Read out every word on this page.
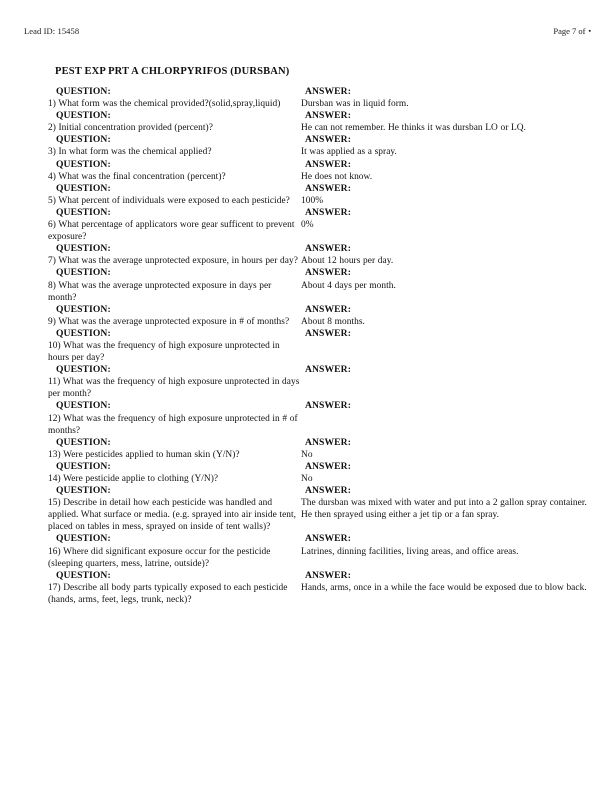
Lead ID: 15458	Page 7 of ▪
PEST EXP PRT A CHLORPYRIFOS (DURSBAN)
QUESTION:
1) What form was the chemical provided?(solid,spray,liquid)
ANSWER:
Dursban was in liquid form.
QUESTION:
2) Initial concentration provided (percent)?
ANSWER:
He can not remember. He thinks it was dursban LO or LQ.
QUESTION:
3) In what form was the chemical applied?
ANSWER:
It was applied as a spray.
QUESTION:
4) What was the final concentration (percent)?
ANSWER:
He does not know.
QUESTION:
5) What percent of individuals were exposed to each pesticide?
ANSWER:
100%
QUESTION:
6) What percentage of applicators wore gear sufficent to prevent exposure?
ANSWER:
0%
QUESTION:
7) What was the average unprotected exposure, in hours per day?
ANSWER:
About 12 hours per day.
QUESTION:
8) What was the average unprotected exposure in days per month?
ANSWER:
About 4 days per month.
QUESTION:
9) What was the average unprotected exposure in # of months?
ANSWER:
About 8 months.
QUESTION:
10) What was the frequency of high exposure unprotected in hours per day?
ANSWER:

QUESTION:
11) What was the frequency of high exposure unprotected in days per month?
ANSWER:

QUESTION:
12) What was the frequency of high exposure unprotected in # of months?
ANSWER:

QUESTION:
13) Were pesticides applied to human skin (Y/N)?
ANSWER:
No
QUESTION:
14) Were pesticide applie to clothing (Y/N)?
ANSWER:
No
QUESTION:
15) Describe in detail how each pesticide was handled and applied. What surface or media. (e.g. sprayed into air inside tent, placed on tables in mess, sprayed on inside of tent walls)?
ANSWER:
The dursban was mixed with water and put into a 2 gallon spray container. He then sprayed using either a jet tip or a fan spray.
QUESTION:
16) Where did significant exposure occur for the pesticide (sleeping quarters, mess, latrine, outside)?
ANSWER:
Latrines, dinning facilities, living areas, and office areas.
QUESTION:
17) Describe all body parts typically exposed to each pesticide (hands, arms, feet, legs, trunk, neck)?
ANSWER:
Hands, arms, once in a while the face would be exposed due to blow back.
